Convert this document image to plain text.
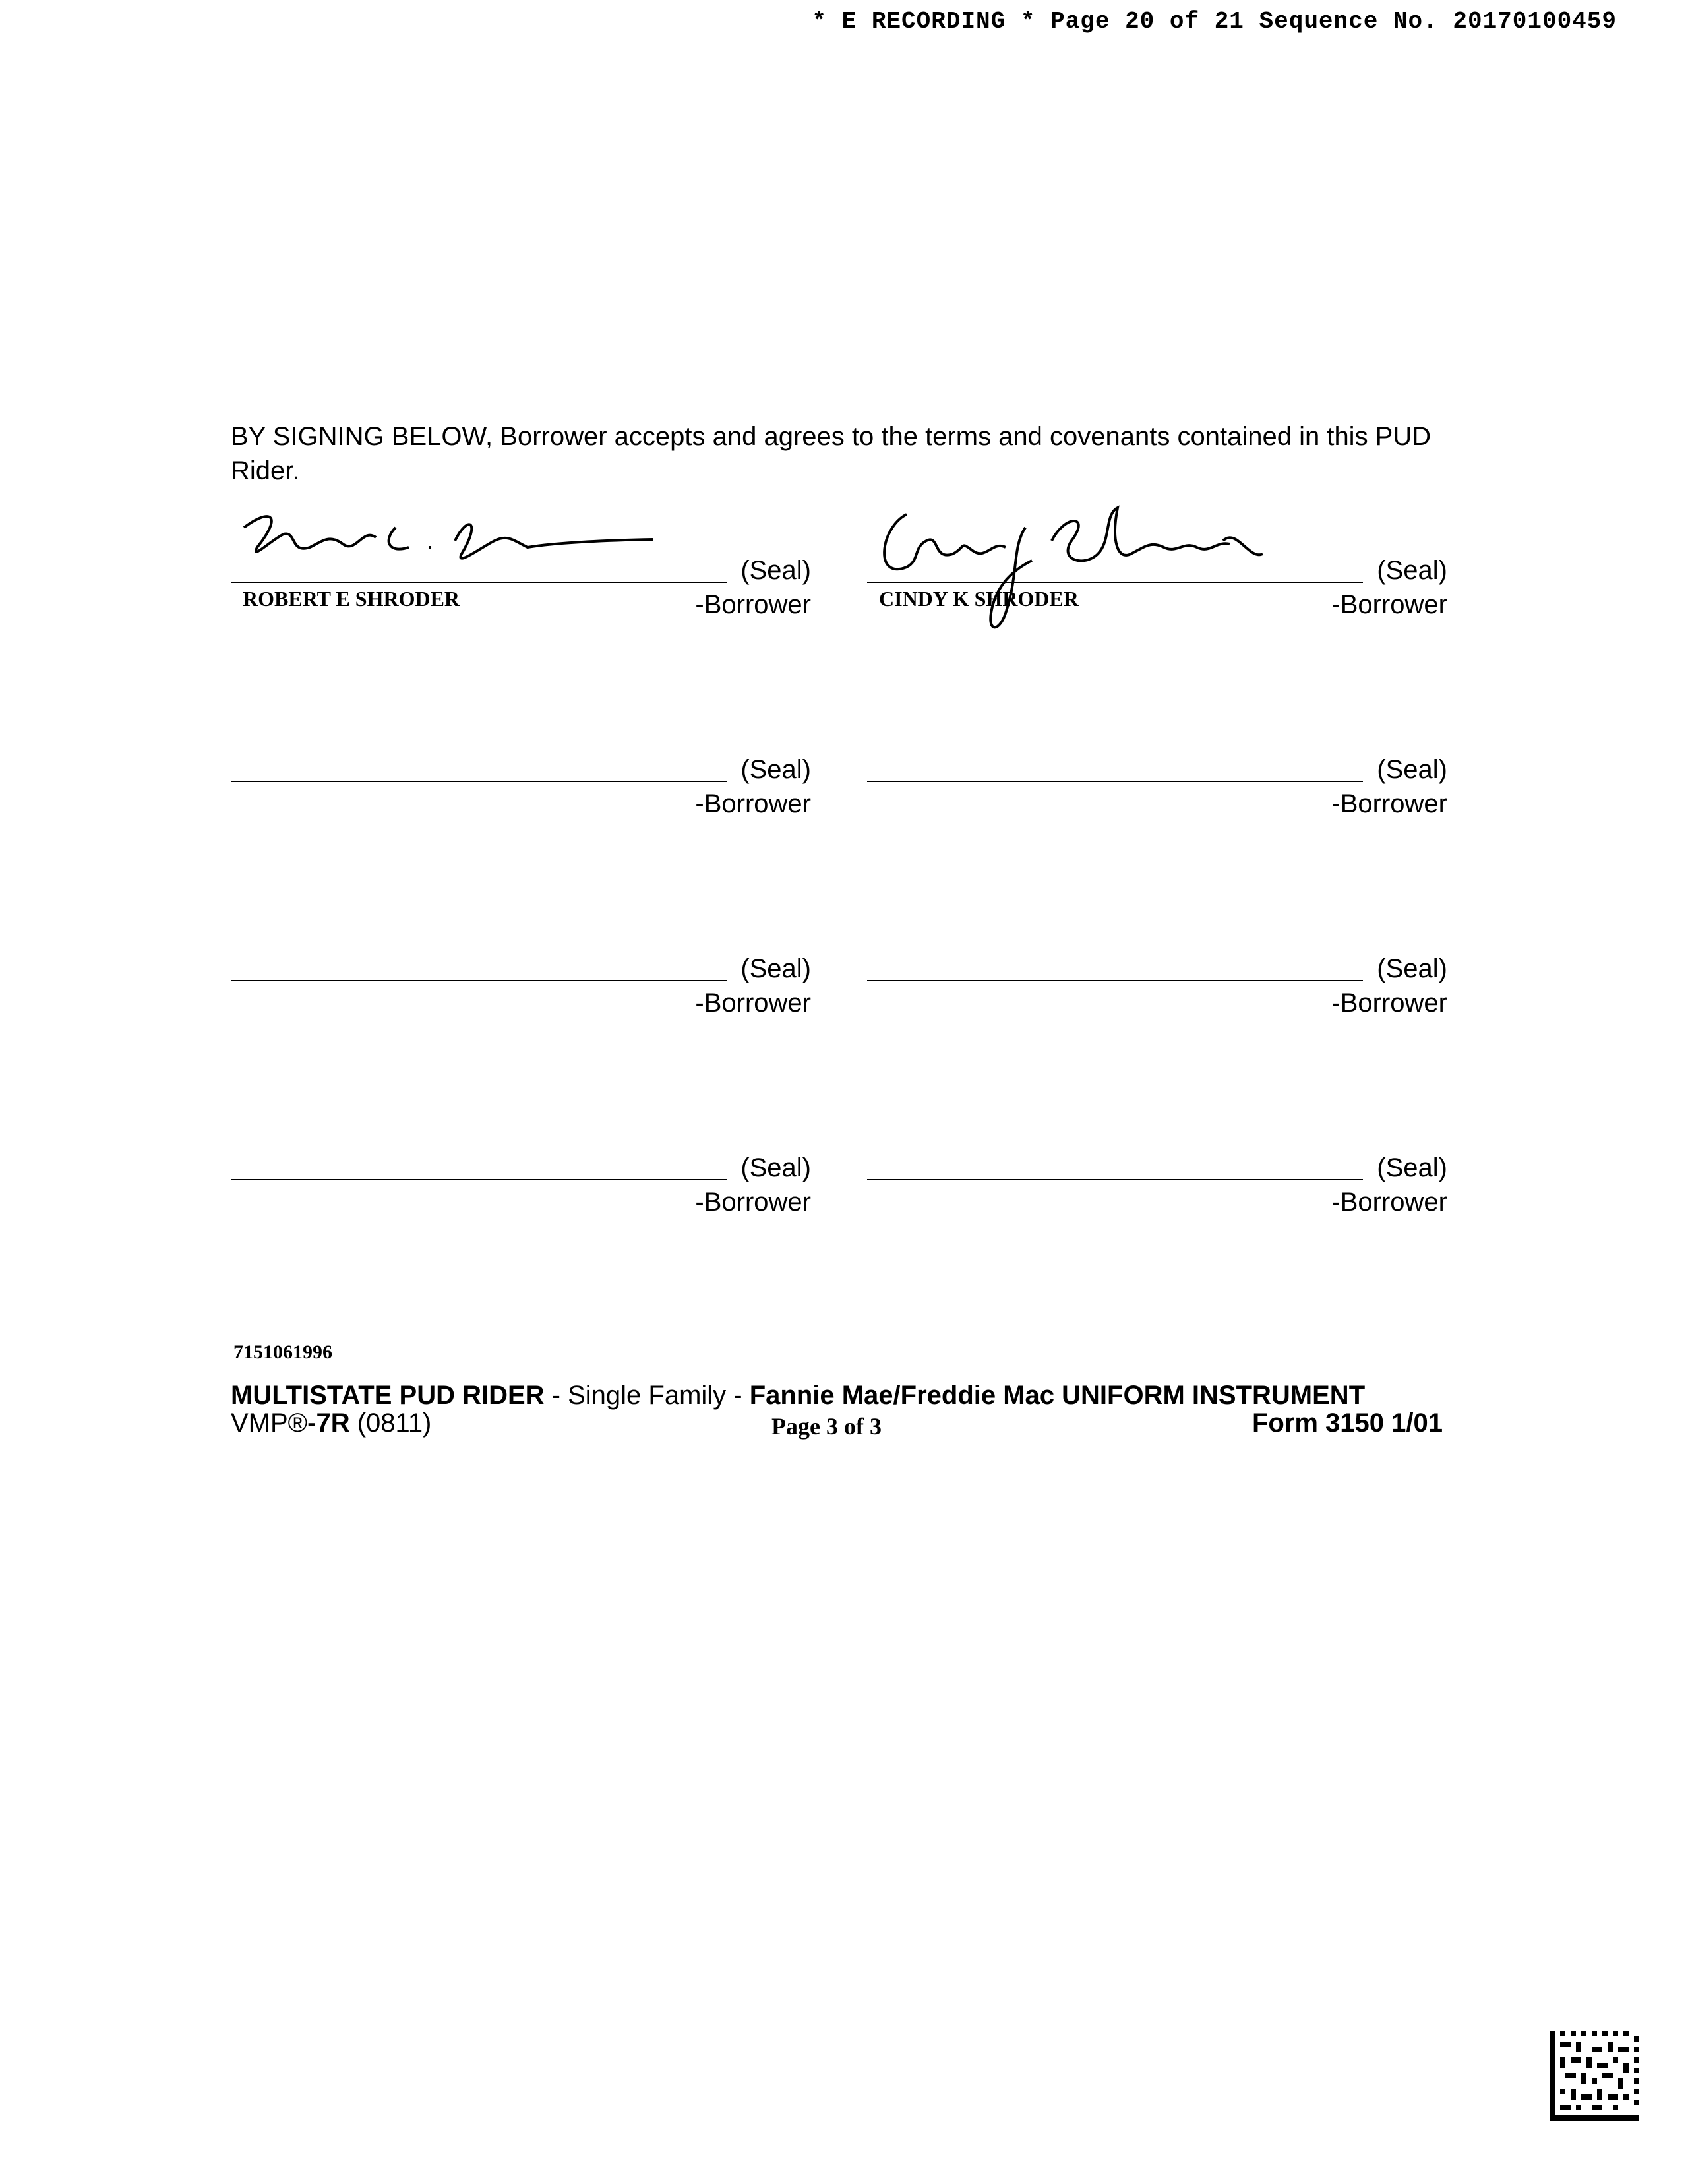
* E RECORDING * Page 20 of 21 Sequence No. 20170100459
BY SIGNING BELOW, Borrower accepts and agrees to the terms and covenants contained in this PUD Rider.
ROBERT E SHRODER
(Seal)
-Borrower	CINDY K SHRODER
(Seal)
-Borrower
(Seal)
-Borrower
(Seal)
-Borrower
(Seal)
-Borrower
(Seal)
-Borrower
(Seal)
-Borrower
(Seal)
-Borrower
7151061996
MULTISTATE PUD RIDER - Single Family - Fannie Mae/Freddie Mac UNIFORM INSTRUMENT
VMP®-7R (0811)	Page 3 of 3	Form 3150 1/01
